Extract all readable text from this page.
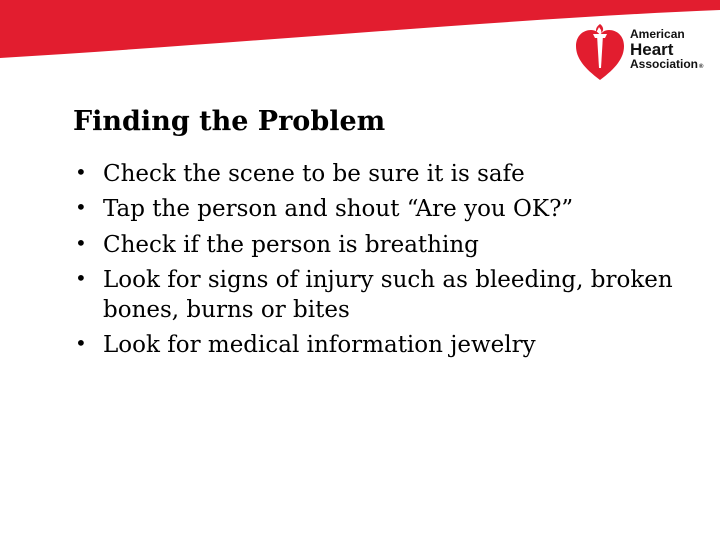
American
Heart
Association®
Finding the Problem
• Check the scene to be sure it is safe
• Tap the person and shout “Are you OK?”
• Check if the person is breathing
• Look for signs of injury such as bleeding, broken bones, burns or bites
• Look for medical information jewelry
